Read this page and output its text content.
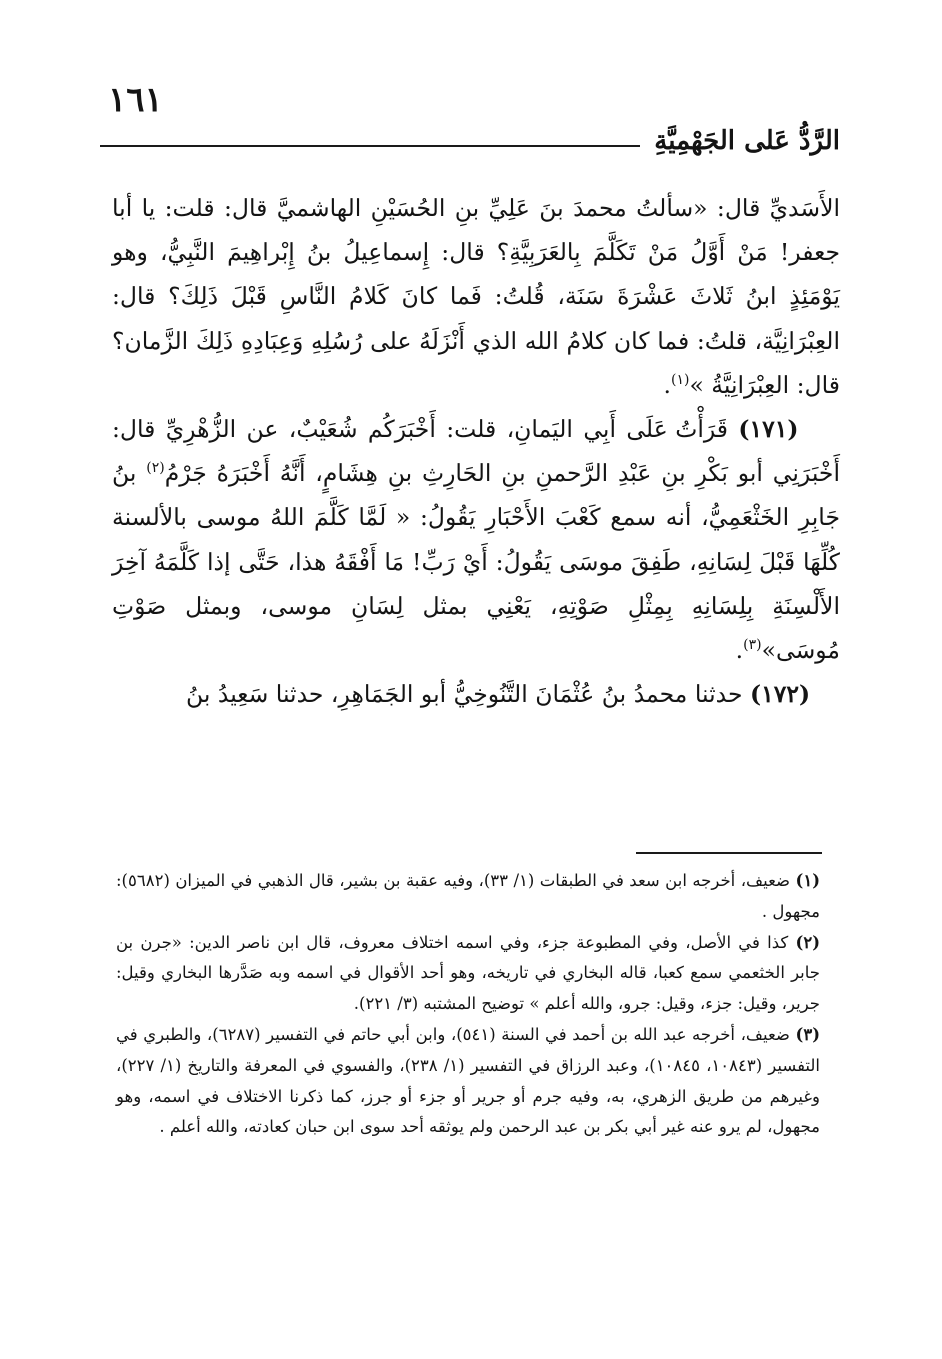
١٦١
الرَّدُّ عَلى الجَهْمِيَّةِ

الأَسَديِّ قال: «سألتُ محمدَ بنَ عَلِيِّ بنِ الحُسَيْنِ الهاشميَّ قال: قلت: يا أبا جعفر! مَنْ أَوَّلُ مَنْ تَكَلَّمَ بِالعَرَبِيَّةِ؟ قال: إِسماعِيلُ بنُ إِبْراهِيمَ النَّبِيُّ، وهو يَوْمَئِذٍ ابنُ ثَلاثَ عَشْرَةَ سَنَة، قُلتُ: فَما كانَ كَلامُ النَّاسِ قَبْلَ ذَلِكَ؟ قال: العِبْرَانِيَّة، قلتُ: فما كان كلامُ الله الذي أَنْزَلَهُ على رُسُلِهِ وَعِبَادِهِ ذَلِكَ الزَّمان؟ قال: العِبْرَانِيَّةُ »$^{(١)}$.

(١٧١) قَرَأْتُ عَلَى أَبِي اليَمانِ، قلت: أَخْبَرَكُم شُعَيْبٌ، عن الزُّهْرِيِّ قال: أَخْبَرَنِي أبو بَكْرِ بنِ عَبْدِ الرَّحمنِ بنِ الحَارِثِ بنِ هِشَامٍ، أَنَّهُ أَخْبَرَهُ جَرْمُ$^{(٢)}$ بنُ جَابِرِ الخَثْعَمِيُّ، أنه سمع كَعْبَ الأَحْبَارِ يَقُولُ: « لَمَّا كَلَّمَ اللهُ موسى بالألسنة كُلِّهَا قَبْلَ لِسَانِهِ، طَفِقَ موسَى يَقُولُ: أَيْ رَبِّ! مَا أَفْقَهُ هذا، حَتَّى إذا كَلَّمَهُ آخِرَ الأَلْسِنَةِ بِلِسَانِهِ بِمِثْلِ صَوْتِهِ، يَعْنِي بمثل لِسَانِ موسى، وبمثل صَوْتِ مُوسَى»$^{(٣)}$.

(١٧٢) حدثنا محمدُ بنُ عُثْمَانَ التَّنُوخِيُّ أبو الجَمَاهِرِ، حدثنا سَعِيدُ بنُ

(١) ضعيف، أخرجه ابن سعد في الطبقات (١/ ٣٣)، وفيه عقبة بن بشير، قال الذهبي في الميزان (٥٦٨٢): مجهول .

(٢) كذا في الأصل، وفي المطبوعة جزء، وفي اسمه اختلاف معروف، قال ابن ناصر الدين: «جرن بن جابر الخثعمي سمع كعبا، قاله البخاري في تاريخه، وهو أحد الأقوال في اسمه وبه صَدَّرها البخاري وقيل: جرير، وقيل: جزء، وقيل: جرو، والله أعلم » توضيح المشتبه (٣/ ٢٢١).

(٣) ضعيف، أخرجه عبد الله بن أحمد في السنة (٥٤١)، وابن أبي حاتم في التفسير (٦٢٨٧)، والطبري في التفسير (١٠٨٤٣، ١٠٨٤٥)، وعبد الرزاق في التفسير (١/ ٢٣٨)، والفسوي في المعرفة والتاريخ (١/ ٢٢٧)، وغيرهم من طريق الزهري، به، وفيه جرم أو جرير أو جزء أو جرز، كما ذكرنا الاختلاف في اسمه، وهو مجهول، لم يرو عنه غير أبي بكر بن عبد الرحمن ولم يوثقه أحد سوى ابن حبان كعادته، والله أعلم .
